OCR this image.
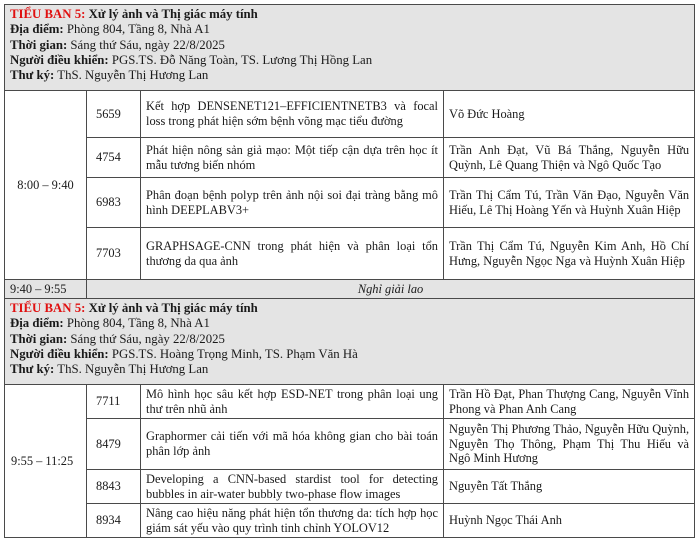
TIỂU BAN 5: Xử lý ảnh và Thị giác máy tính
Địa điểm: Phòng 804, Tầng 8, Nhà A1
Thời gian: Sáng thứ Sáu, ngày 22/8/2025
Người điều khiển: PGS.TS. Đỗ Năng Toàn, TS. Lương Thị Hồng Lan
Thư ký: ThS. Nguyễn Thị Hương Lan			

8:00 – 9:40	5659	Kết hợp DENSENET121–EFFICIENTNETB3 và focal loss trong phát hiện sớm bệnh võng mạc tiểu đường	Võ Đức Hoàng
	4754	Phát hiện nông sản giả mạo: Một tiếp cận dựa trên học ít mẫu tương biến nhóm	Trần Anh Đạt, Vũ Bá Thắng, Nguyễn Hữu Quỳnh, Lê Quang Thiện và Ngô Quốc Tạo
	6983	Phân đoạn bệnh polyp trên ảnh nội soi đại tràng bằng mô hình DEEPLABV3+	Trần Thị Cẩm Tú, Trần Văn Đạo, Nguyễn Văn Hiếu, Lê Thị Hoàng Yến và Huỳnh Xuân Hiệp
	7703	GRAPHSAGE-CNN trong phát hiện và phân loại tổn thương da qua ảnh	Trần Thị Cẩm Tú, Nguyễn Kim Anh, Hồ Chí Hưng, Nguyễn Ngọc Nga và Huỳnh Xuân Hiệp
9:40 – 9:55	Nghỉ giải lao		

TIỂU BAN 5: Xử lý ảnh và Thị giác máy tính
Địa điểm: Phòng 804, Tầng 8, Nhà A1
Thời gian: Sáng thứ Sáu, ngày 22/8/2025
Người điều khiển: PGS.TS. Hoàng Trọng Minh, TS. Phạm Văn Hà
Thư ký: ThS. Nguyễn Thị Hương Lan			

9:55 – 11:25	7711	Mô hình học sâu kết hợp ESD-NET trong phân loại ung thư trên nhũ ảnh	Trần Hồ Đạt, Phan Thượng Cang, Nguyễn Vĩnh Phong và Phan Anh Cang
	8479	Graphormer cải tiến với mã hóa không gian cho bài toán phân lớp ảnh	Nguyễn Thị Phương Thảo, Nguyễn Hữu Quỳnh, Nguyễn Thọ Thông, Phạm Thị Thu Hiếu và Ngô Minh Hương
	8843	Developing a CNN-based stardist tool for detecting bubbles in air-water bubbly two-phase flow images	Nguyễn Tất Thắng
	8934	Nâng cao hiệu năng phát hiện tổn thương da: tích hợp học giám sát yếu vào quy trình tinh chỉnh YOLOV12	Huỳnh Ngọc Thái Anh
